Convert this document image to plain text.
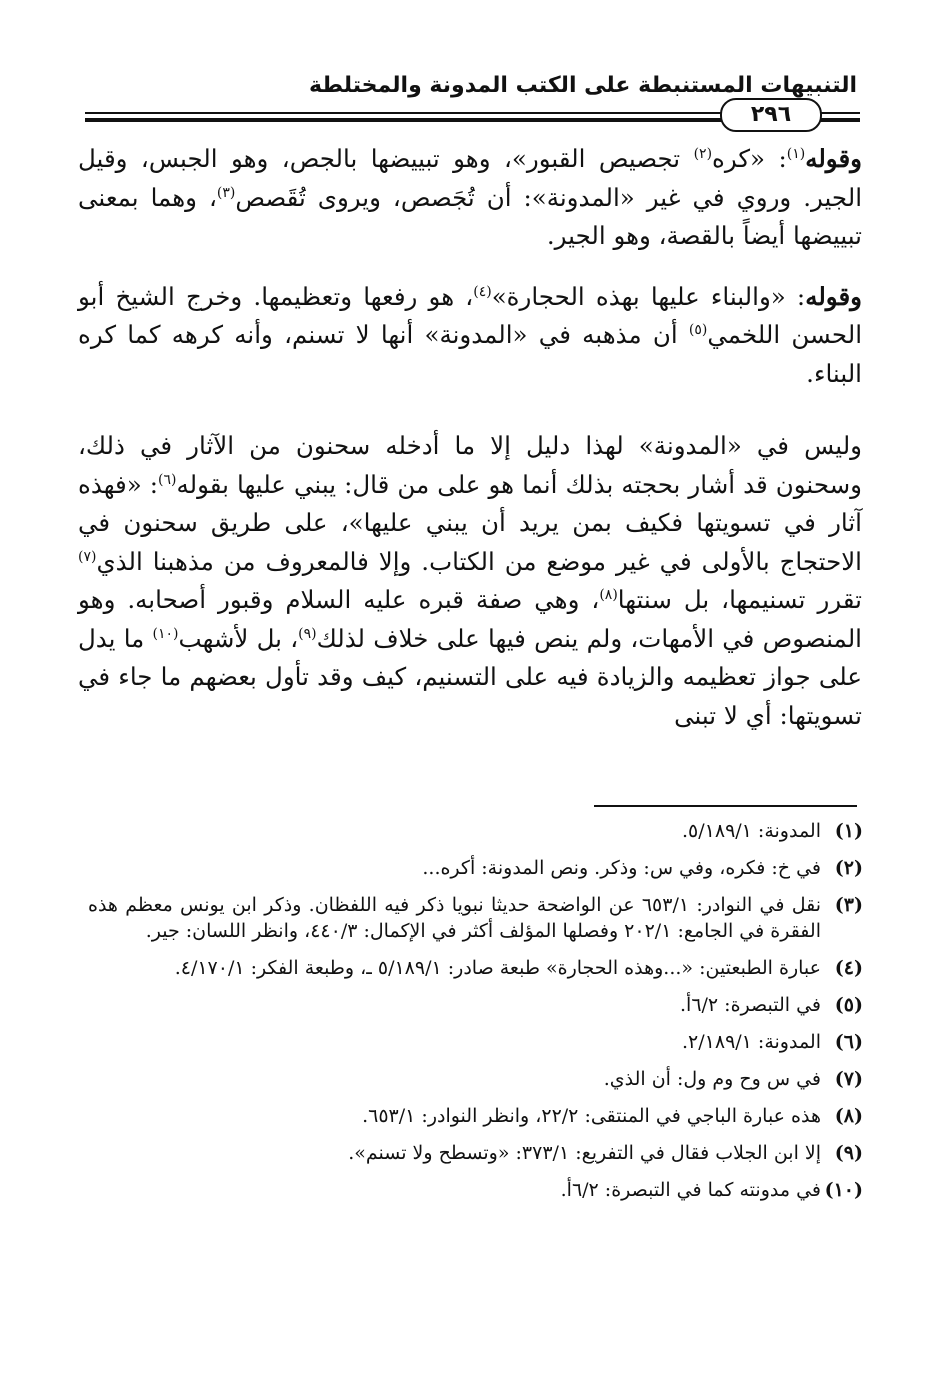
التنبيهات المستنبطة على الكتب المدونة والمختلطة
٢٩٦

وقوله$^{(١)}$: «كره$^{(٢)}$ تجصيص القبور»، وهو تبييضها بالجص، وهو الجبس، وقيل الجير. وروي في غير «المدونة»: أن تُجَصص، ويروى تُقَصص$^{(٣)}$، وهما بمعنى تبييضها أيضاً بالقصة، وهو الجير.

وقوله: «والبناء عليها بهذه الحجارة»$^{(٤)}$، هو رفعها وتعظيمها. وخرج الشيخ أبو الحسن اللخمي$^{(٥)}$ أن مذهبه في «المدونة» أنها لا تسنم، وأنه كرهه كما كره البناء.

وليس في «المدونة» لهذا دليل إلا ما أدخله سحنون من الآثار في ذلك، وسحنون قد أشار بحجته بذلك أنما هو على من قال: يبني عليها بقوله$^{(٦)}$: «فهذه آثار في تسويتها فكيف بمن يريد أن يبني عليها»، على طريق سحنون في الاحتجاج بالأولى في غير موضع من الكتاب. وإلا فالمعروف من مذهبنا الذي$^{(٧)}$ تقرر تسنيمها، بل سنتها$^{(٨)}$، وهي صفة قبره عليه السلام وقبور أصحابه. وهو المنصوص في الأمهات، ولم ينص فيها على خلاف لذلك$^{(٩)}$، بل لأشهب$^{(١٠)}$ ما يدل على جواز تعظيمه والزيادة فيه على التسنيم، كيف وقد تأول بعضهم ما جاء في تسويتها: أي لا تبنى

(١)
المدونة: ٥/١٨٩/١.
(٢)
في خ: فكره، وفي س: وذكر. ونص المدونة: أكره...
(٣)
نقل في النوادر: ٦٥٣/١ عن الواضحة حديثا نبويا ذكر فيه اللفظان. وذكر ابن يونس معظم هذه الفقرة في الجامع: ٢٠٢/١ وفصلها المؤلف أكثر في الإكمال: ٤٤٠/٣، وانظر اللسان: جير.
(٤)
عبارة الطبعتين: «...وهذه الحجارة» طبعة صادر: ٥/١٨٩/١ ـ، وطبعة الفكر: ٤/١٧٠/١.
(٥)
في التبصرة: ٦/٢أ.
(٦)
المدونة: ٢/١٨٩/١.
(٧)
في س وح وم ول: أن الذي.
(٨)
هذه عبارة الباجي في المنتقى: ٢٢/٢، وانظر النوادر: ٦٥٣/١.
(٩)
إلا ابن الجلاب فقال في التفريع: ٣٧٣/١: «وتسطح ولا تسنم».
(١٠)
في مدونته كما في التبصرة: ٦/٢أ.
